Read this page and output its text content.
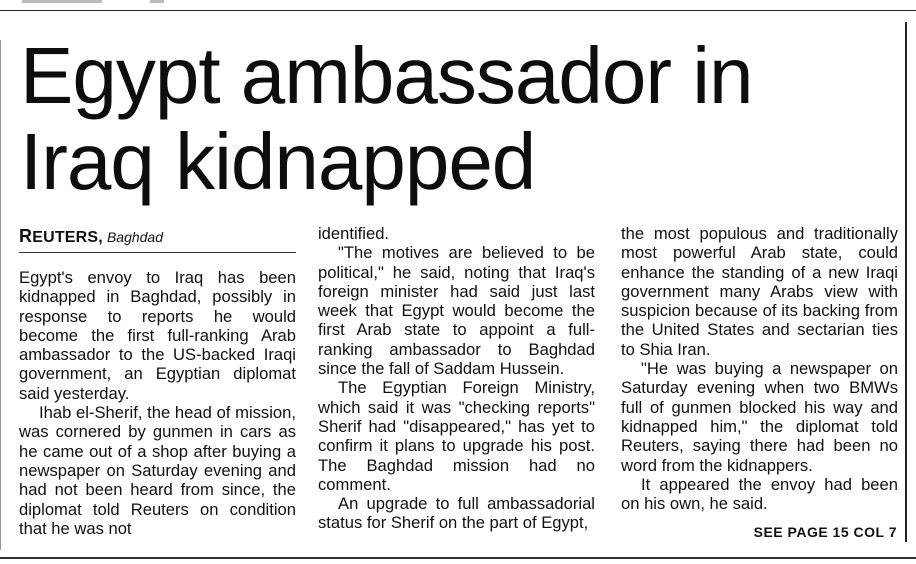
Egypt ambassador in Iraq kidnapped
REUTERS, Baghdad

Egypt's envoy to Iraq has been kidnapped in Baghdad, possibly in response to reports he would become the first full-ranking Arab ambassador to the US-backed Iraqi government, an Egyptian diplomat said yesterday.

Ihab el-Sherif, the head of mission, was cornered by gunmen in cars as he came out of a shop after buying a newspaper on Saturday evening and had not been heard from since, the diplomat told Reuters on condition that he was not

identified.

"The motives are believed to be political," he said, noting that Iraq's foreign minister had said just last week that Egypt would become the first Arab state to appoint a full-ranking ambassador to Baghdad since the fall of Saddam Hussein.

The Egyptian Foreign Ministry, which said it was "checking reports" Sherif had "disappeared," has yet to confirm it plans to upgrade his post. The Baghdad mission had no comment.

An upgrade to full ambassadorial status for Sherif on the part of Egypt,

the most populous and traditionally most powerful Arab state, could enhance the standing of a new Iraqi government many Arabs view with suspicion because of its backing from the United States and sectarian ties to Shia Iran.

"He was buying a newspaper on Saturday evening when two BMWs full of gunmen blocked his way and kidnapped him," the diplomat told Reuters, saying there had been no word from the kidnappers.

It appeared the envoy had been on his own, he said.

SEE PAGE 15 COL 7
